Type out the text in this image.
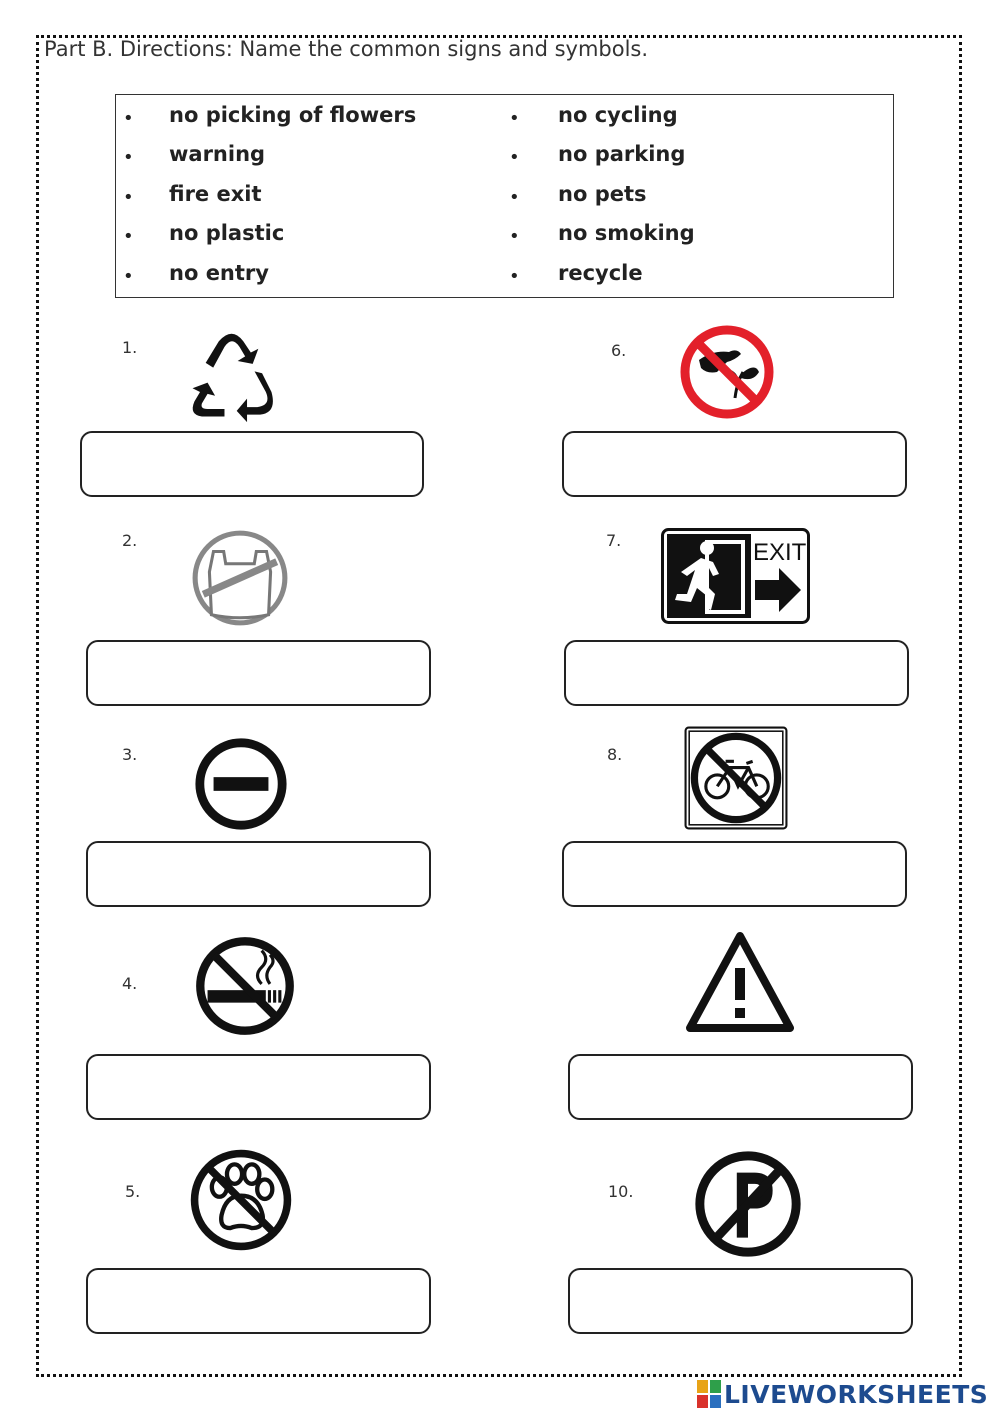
Part B. Directions: Name the common signs and symbols.
• no picking of flowers
• warning
• fire exit
• no plastic
• no entry
• no cycling
• no parking
• no pets
• no smoking
• recycle
1.
2.
3.
4.
5.
6.
7.
8.
10.
EXIT
LIVEWORKSHEETS
